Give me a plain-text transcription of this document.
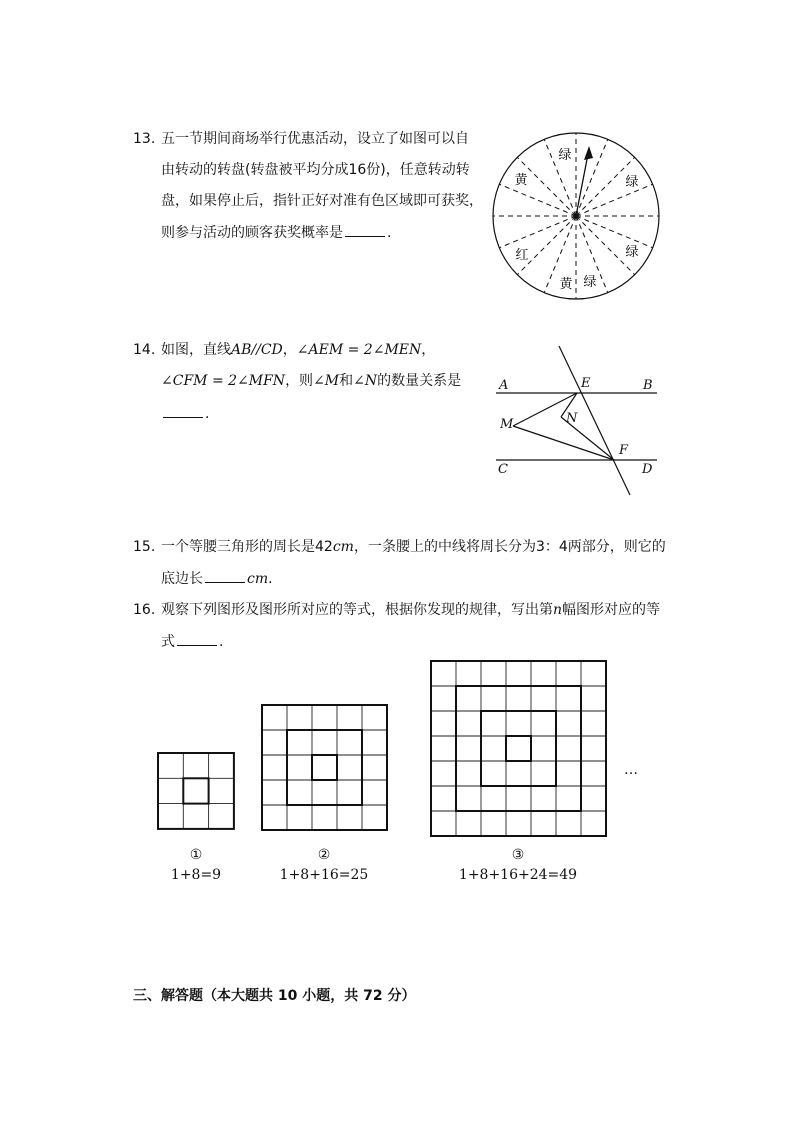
13. 五一节期间商场举行优惠活动，设立了如图可以自
由转动的转盘(转盘被平均分成16份)，任意转动转
盘，如果停止后，指针正好对准有色区域即可获奖，
则参与活动的顾客获奖概率是	.
绿
黄	绿
红	绿
黄 绿
14. 如图，直线AB//CD，∠AEM = 2∠MEN，
∠CFM = 2∠MFN，则∠M和∠N的数量关系是
.
A	E	B
M	N
F
C	D
15. 一个等腰三角形的周长是42cm，一条腰上的中线将周长分为3：4两部分，则它的
底边长	cm.
16. 观察下列图形及图形所对应的等式，根据你发现的规律，写出第n幅图形对应的等
式	.
①
1+8=9
②
1+8+16=25
③
1+8+16+24=49
…
三、解答题（本大题共 10 小题，共 72 分）
